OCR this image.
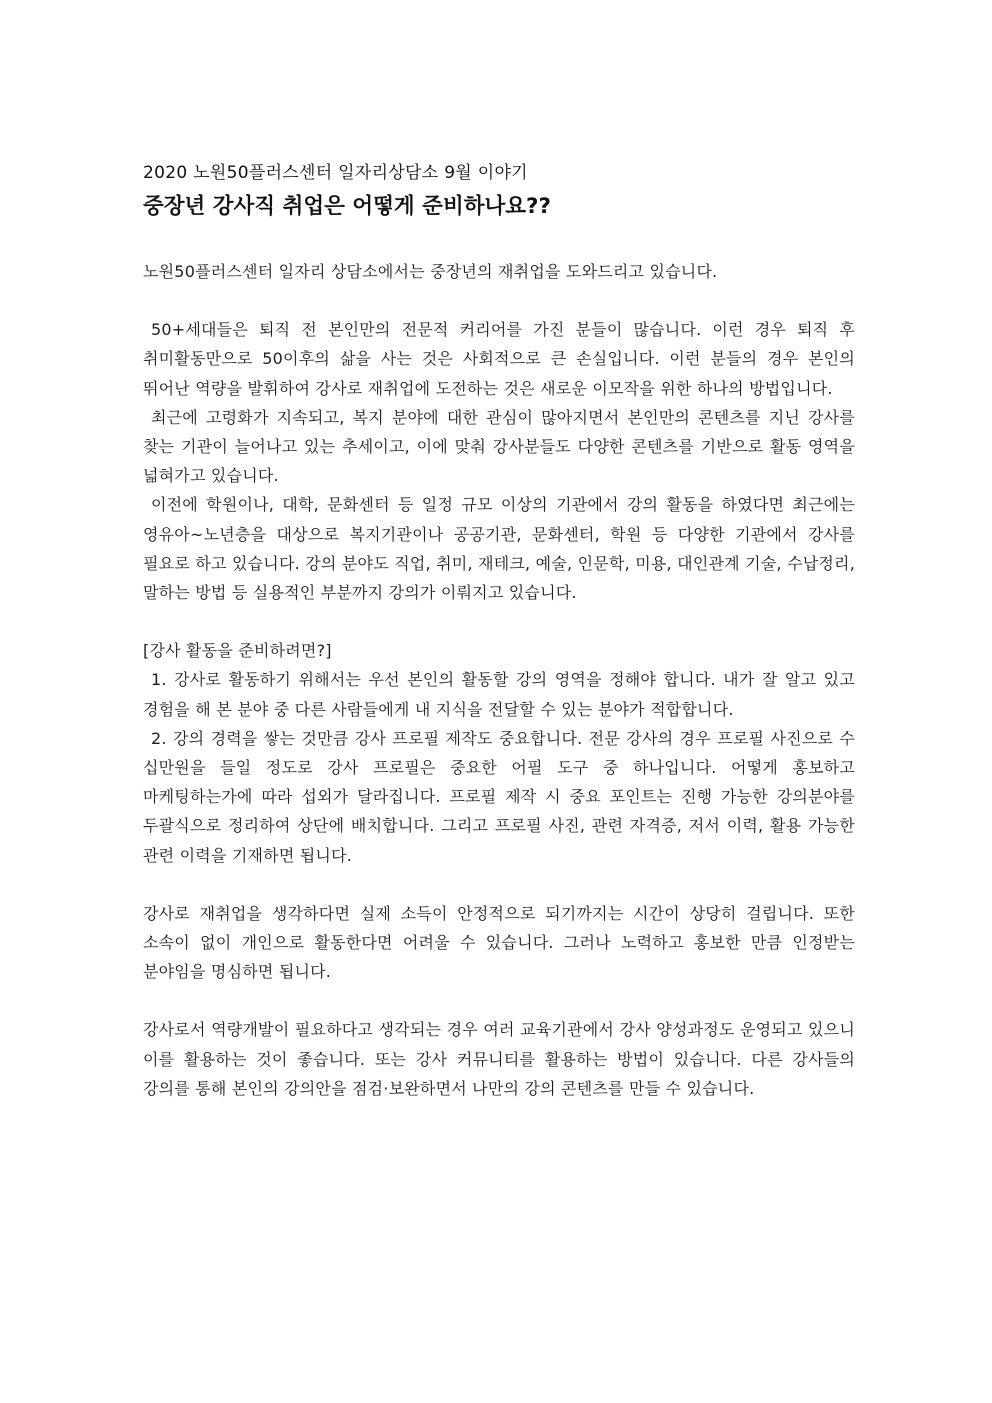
2020 노원50플러스센터 일자리상담소 9월 이야기
중장년 강사직 취업은 어떻게 준비하나요??
노원50플러스센터 일자리 상담소에서는 중장년의 재취업을 도와드리고 있습니다.
50+세대들은 퇴직 전 본인만의 전문적 커리어를 가진 분들이 많습니다. 이런 경우 퇴직 후 취미활동만으로 50이후의 삶을 사는 것은 사회적으로 큰 손실입니다. 이런 분들의 경우 본인의 뛰어난 역량을 발휘하여 강사로 재취업에 도전하는 것은 새로운 이모작을 위한 하나의 방법입니다.
최근에 고령화가 지속되고, 복지 분야에 대한 관심이 많아지면서 본인만의 콘텐츠를 지닌 강사를 찾는 기관이 늘어나고 있는 추세이고, 이에 맞춰 강사분들도 다양한 콘텐츠를 기반으로 활동 영역을 넓혀가고 있습니다.
이전에 학원이나, 대학, 문화센터 등 일정 규모 이상의 기관에서 강의 활동을 하였다면 최근에는 영유아~노년층을 대상으로 복지기관이나 공공기관, 문화센터, 학원 등 다양한 기관에서 강사를 필요로 하고 있습니다. 강의 분야도 직업, 취미, 재테크, 예술, 인문학, 미용, 대인관계 기술, 수납정리, 말하는 방법 등 실용적인 부분까지 강의가 이뤄지고 있습니다.
[강사 활동을 준비하려면?]
1. 강사로 활동하기 위해서는 우선 본인의 활동할 강의 영역을 정해야 합니다. 내가 잘 알고 있고 경험을 해 본 분야 중 다른 사람들에게 내 지식을 전달할 수 있는 분야가 적합합니다.
2. 강의 경력을 쌓는 것만큼 강사 프로필 제작도 중요합니다. 전문 강사의 경우 프로필 사진으로 수 십만원을 들일 정도로 강사 프로필은 중요한 어필 도구 중 하나입니다. 어떻게 홍보하고 마케팅하는가에 따라 섭외가 달라집니다. 프로필 제작 시 중요 포인트는 진행 가능한 강의분야를 두괄식으로 정리하여 상단에 배치합니다. 그리고 프로필 사진, 관련 자격증, 저서 이력, 활용 가능한 관련 이력을 기재하면 됩니다.
강사로 재취업을 생각하다면 실제 소득이 안정적으로 되기까지는 시간이 상당히 걸립니다. 또한 소속이 없이 개인으로 활동한다면 어려울 수 있습니다. 그러나 노력하고 홍보한 만큼 인정받는 분야임을 명심하면 됩니다.
강사로서 역량개발이 필요하다고 생각되는 경우 여러 교육기관에서 강사 양성과정도 운영되고 있으니 이를 활용하는 것이 좋습니다. 또는 강사 커뮤니티를 활용하는 방법이 있습니다. 다른 강사들의 강의를 통해 본인의 강의안을 점검·보완하면서 나만의 강의 콘텐츠를 만들 수 있습니다.
